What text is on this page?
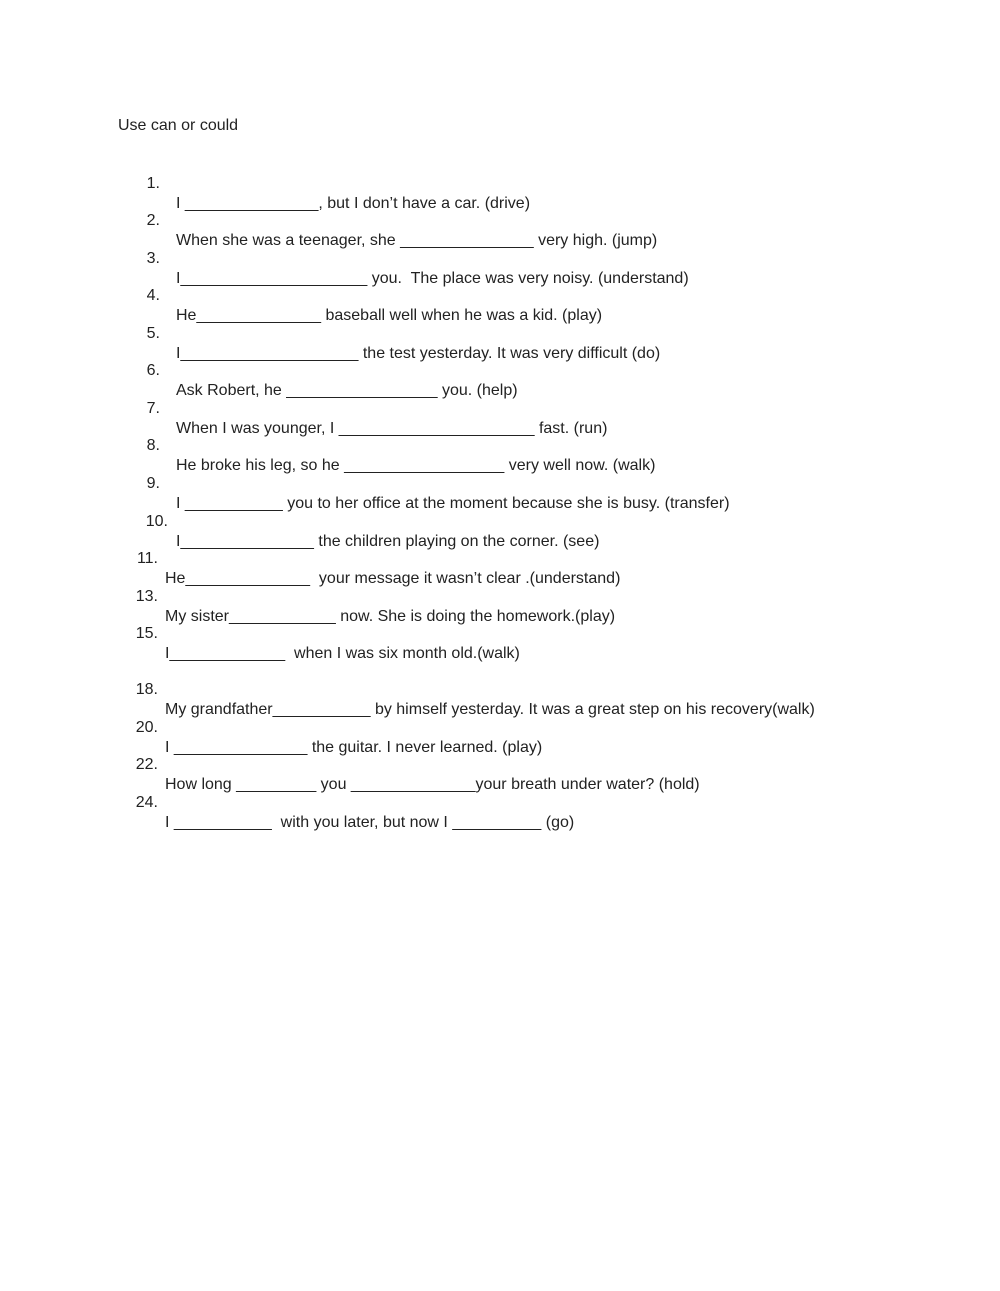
Use can or could

1.

I _______________, but I don’t have a car. (drive)

2.

When she was a teenager, she _______________ very high. (jump)

3.

I_____________________ you.  The place was very noisy. (understand)

4.

He______________ baseball well when he was a kid. (play)

5.

I____________________ the test yesterday. It was very difficult (do)

6.

Ask Robert, he _________________ you. (help)

7.

When I was younger, I ______________________ fast. (run)

8.

He broke his leg, so he __________________ very well now. (walk)

9.

I ___________ you to her office at the moment because she is busy. (transfer)

10.

I_______________ the children playing on the corner. (see)

11.

He______________  your message it wasn’t clear .(understand)

13.

My sister____________ now. She is doing the homework.(play)

15.

I_____________  when I was six month old.(walk)

18.

My grandfather___________ by himself yesterday. It was a great step on his recovery(walk)

20.

I _______________ the guitar. I never learned. (play)

22.

How long _________ you ______________your breath under water? (hold)

24.

I ___________  with you later, but now I __________ (go)
